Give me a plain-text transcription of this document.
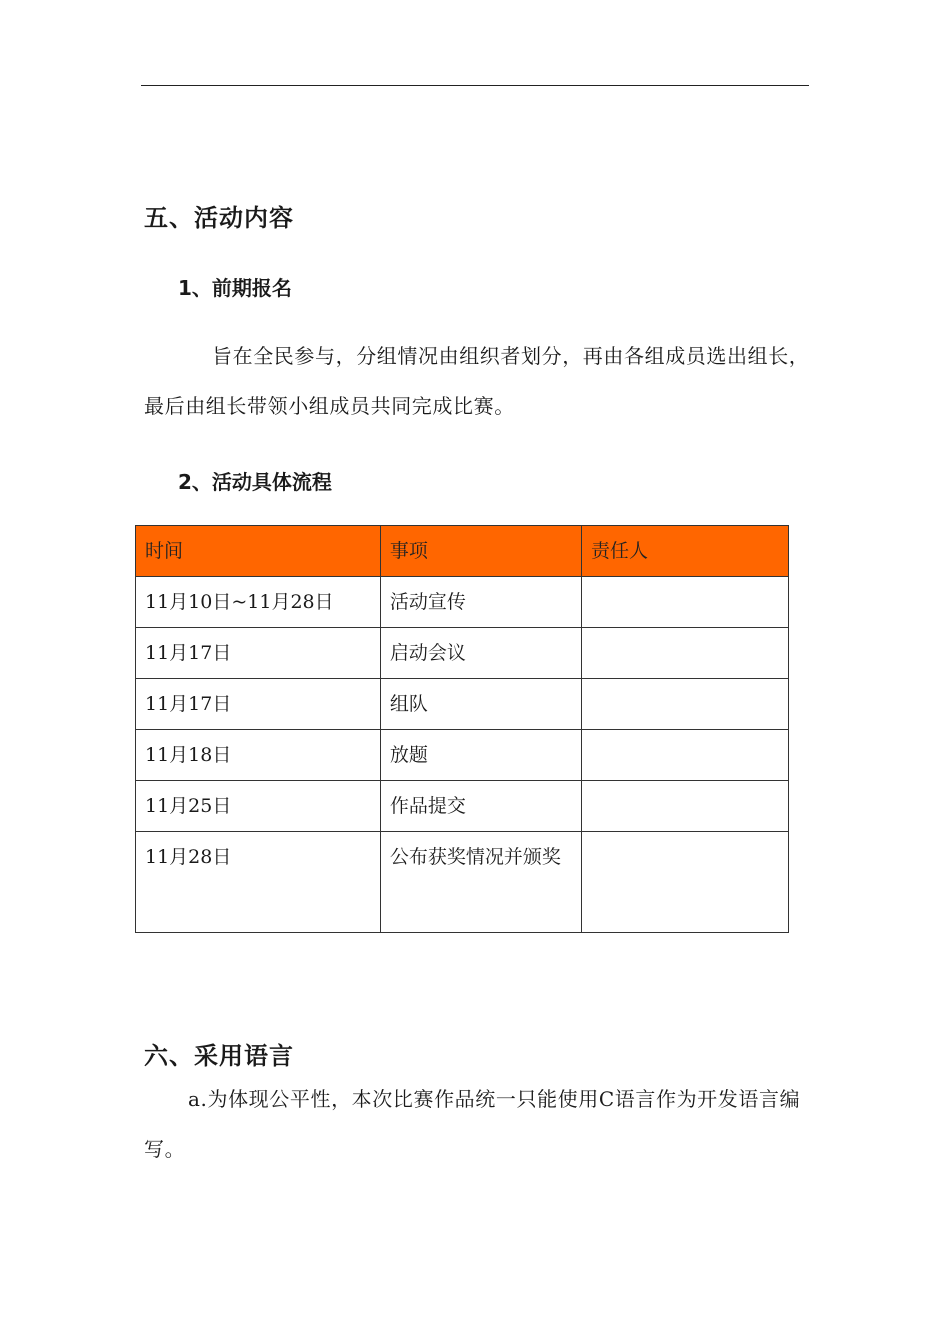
五、活动内容
1、前期报名

旨在全民参与，分组情况由组织者划分，再由各组成员选出组长，最后由组长带领小组成员共同完成比赛。

2、活动具体流程
时间	事项	责任人
11月10日~11月28日	活动宣传	
11月17日	启动会议	
11月17日	组队	
11月18日	放题	
11月25日	作品提交	
11月28日	公布获奖情况并颁奖	
六、采用语言

a.为体现公平性，本次比赛作品统一只能使用C语言作为开发语言编写。
